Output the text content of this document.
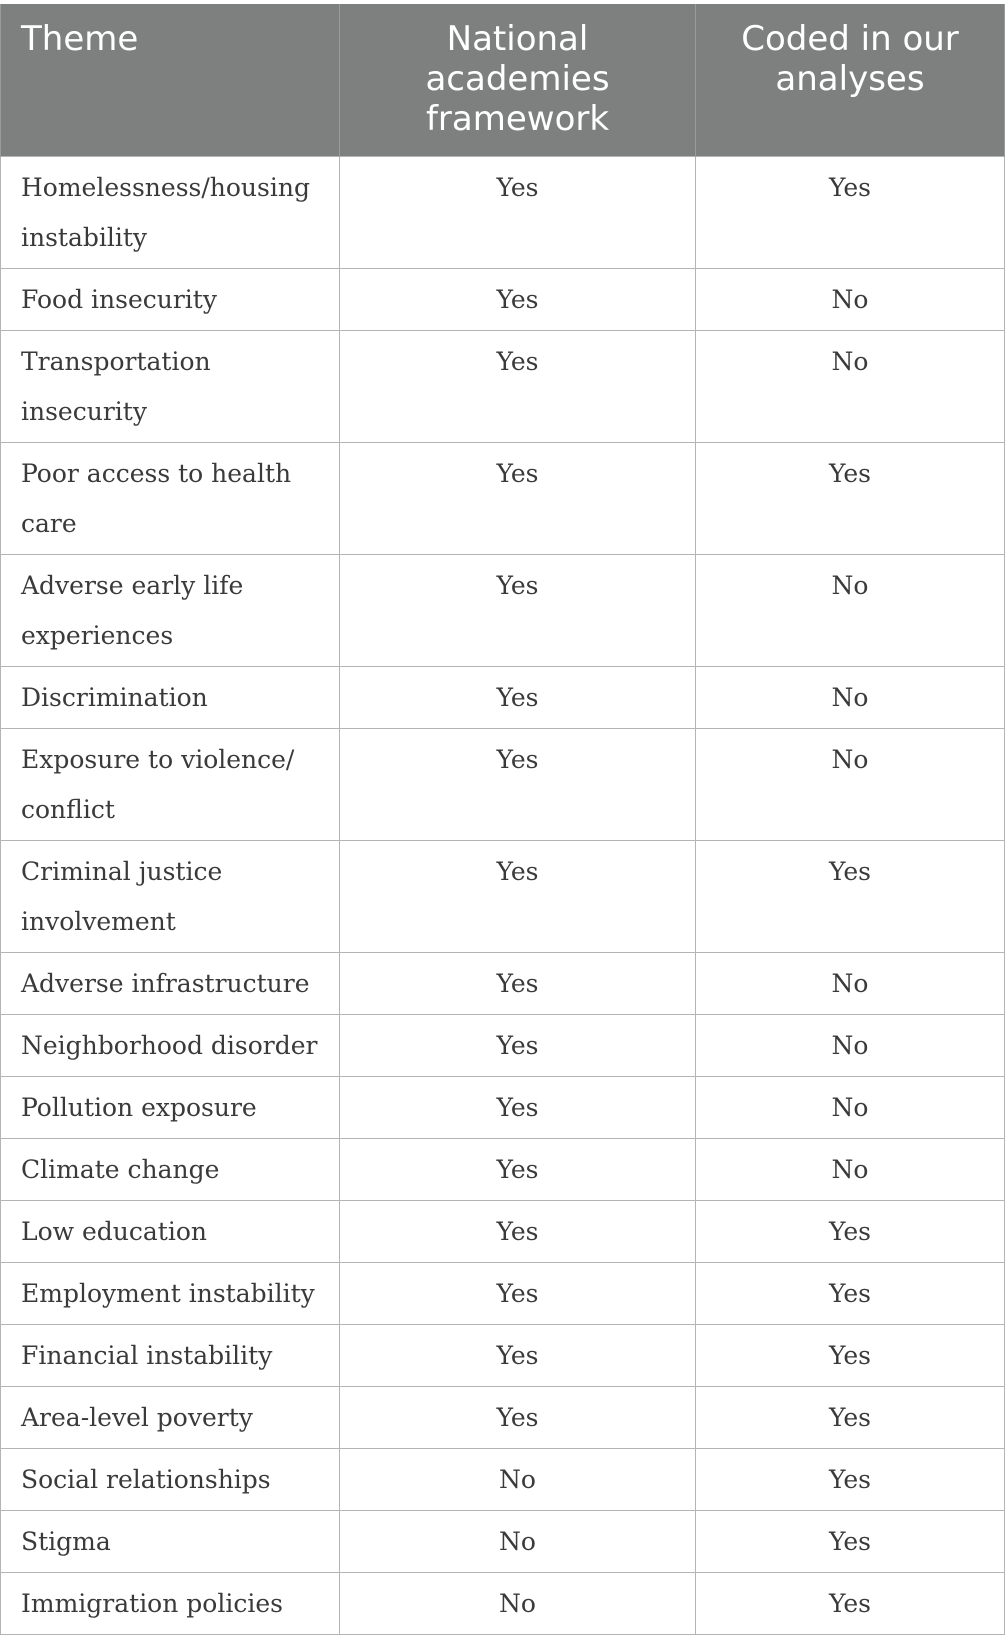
Theme	National academies framework	Coded in our analyses
Homelessness/housing instability	Yes	Yes
Food insecurity	Yes	No
Transportation insecurity	Yes	No
Poor access to health care	Yes	Yes
Adverse early life experiences	Yes	No
Discrimination	Yes	No
Exposure to violence/ conflict	Yes	No
Criminal justice involvement	Yes	Yes
Adverse infrastructure	Yes	No
Neighborhood disorder	Yes	No
Pollution exposure	Yes	No
Climate change	Yes	No
Low education	Yes	Yes
Employment instability	Yes	Yes
Financial instability	Yes	Yes
Area-level poverty	Yes	Yes
Social relationships	No	Yes
Stigma	No	Yes
Immigration policies	No	Yes
